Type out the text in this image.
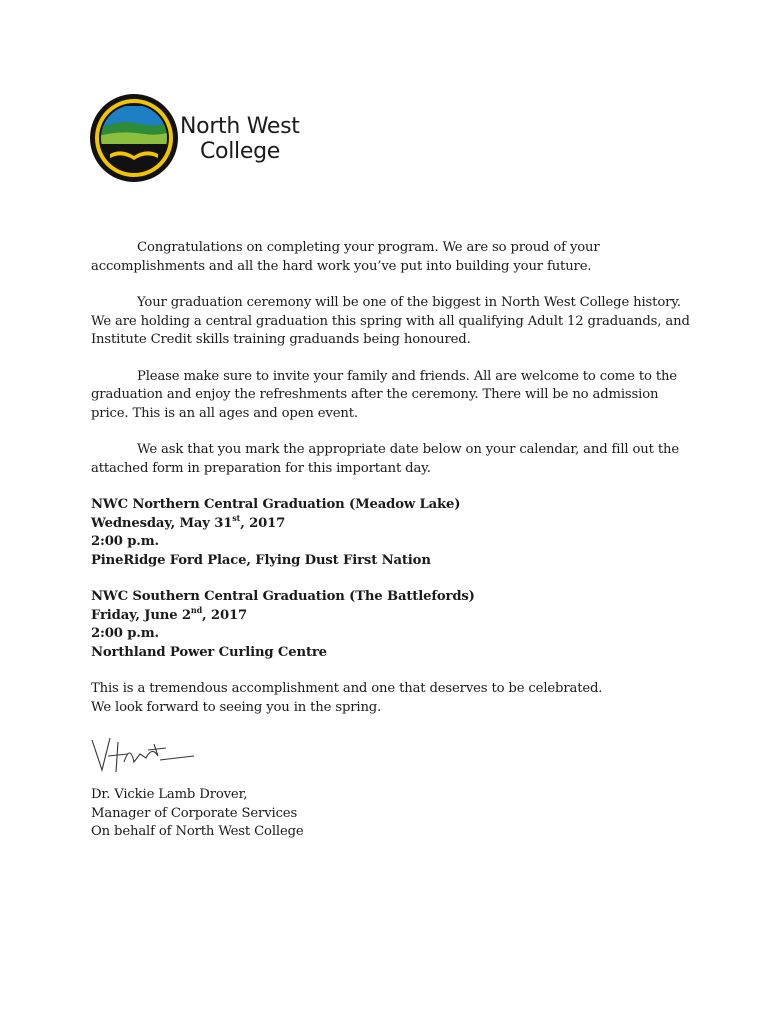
North West
College

Congratulations on completing your program. We are so proud of your accomplishments and all the hard work you’ve put into building your future.

Your graduation ceremony will be one of the biggest in North West College history. We are holding a central graduation this spring with all qualifying Adult 12 graduands, and Institute Credit skills training graduands being honoured.

Please make sure to invite your family and friends. All are welcome to come to the graduation and enjoy the refreshments after the ceremony. There will be no admission price. This is an all ages and open event.

We ask that you mark the appropriate date below on your calendar, and fill out the attached form in preparation for this important day.

NWC Northern Central Graduation (Meadow Lake)
Wednesday, May 31st, 2017
2:00 p.m.
PineRidge Ford Place, Flying Dust First Nation
NWC Southern Central Graduation (The Battlefords)
Friday, June 2nd, 2017
2:00 p.m.
Northland Power Curling Centre
This is a tremendous accomplishment and one that deserves to be celebrated.
We look forward to seeing you in the spring.
Dr. Vickie Lamb Drover,
Manager of Corporate Services
On behalf of North West College
